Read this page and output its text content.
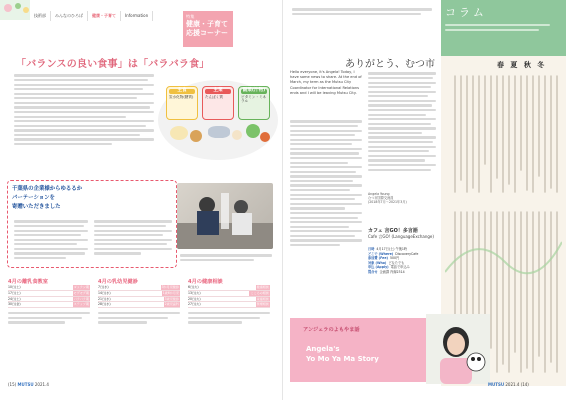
技術部	みんなのひろば	健康・子育て	Information	特集
健康・子育て
応援コーナー
「バランスの良い食事」は「バラバラ食」
主食
炭水化物(糖質)
主菜
たんぱく質
副菜(汁物)
ビタミン・ミネラル
千葉県の企業様からゆるるか
パーテーションを
寄贈いただきました
4月の離乳食教室
10日(土)	ゴックン期
17日(土)	モグモグ期
24日(土)	パクパク期
30日(金)	ステップ期
4月の乳幼児健診
7日(水)	3か月児健診
14日(水)	1歳6か月児
21日(水)	3歳児健診
28日(水)	2歳児歯科
4月の健康相談
6日(火)	健康相談
13日(火)	こころの相談
20日(火)	栄養相談
27日(火)	禁煙相談
(15) MUTSU 2021.4
コラム
春 夏 秋 冬
ありがとう、むつ市
Hello everyone, it's Angela! Today, I have some news to share. At the end of March, my term as the Mutsu City Coordinator for International Relations ends and I will be leaving Mutsu City.
Angela Young
むつ市国際交流員
(2018年7月～2021年3月)
カフェ 言GO！多言語
Cafe 言GO! (LanguageExchange)
日時 4月17日(土) 午後1時
どこで (Where) DiscoveryCafe
参加費 (Fee) 500円
対象 (Who) どなたでも
申込 (Apply) 電話で申込み
問合せ 企画課 内線2314
アンジェラのよもやま話
Angela's
Yo Mo Ya Ma Story
MUTSU 2021.4 (14)
